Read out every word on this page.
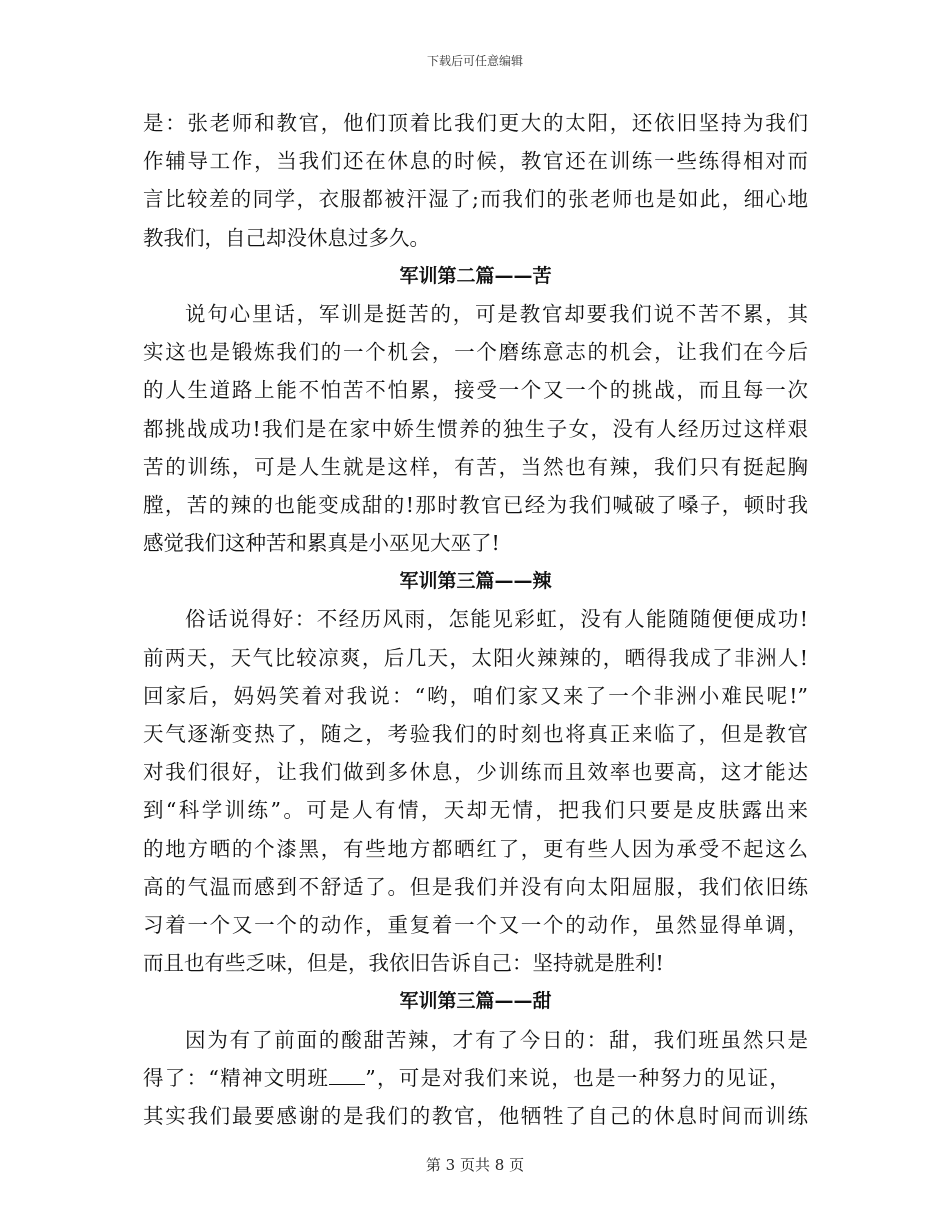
下载后可任意编辑
是：张老师和教官，他们顶着比我们更大的太阳，还依旧坚持为我们
作辅导工作，当我们还在休息的时候，教官还在训练一些练得相对而
言比较差的同学，衣服都被汗湿了;而我们的张老师也是如此，细心地
教我们，自己却没休息过多久。
军训第二篇——苦
说句心里话，军训是挺苦的，可是教官却要我们说不苦不累，其
实这也是锻炼我们的一个机会，一个磨练意志的机会，让我们在今后
的人生道路上能不怕苦不怕累，接受一个又一个的挑战，而且每一次
都挑战成功!我们是在家中娇生惯养的独生子女，没有人经历过这样艰
苦的训练，可是人生就是这样，有苦，当然也有辣，我们只有挺起胸
膛，苦的辣的也能变成甜的!那时教官已经为我们喊破了嗓子，顿时我
感觉我们这种苦和累真是小巫见大巫了!
军训第三篇——辣
俗话说得好：不经历风雨，怎能见彩虹，没有人能随随便便成功!
前两天，天气比较凉爽，后几天，太阳火辣辣的，晒得我成了非洲人!
回家后，妈妈笑着对我说：“哟，咱们家又来了一个非洲小难民呢!”
天气逐渐变热了，随之，考验我们的时刻也将真正来临了，但是教官
对我们很好，让我们做到多休息，少训练而且效率也要高，这才能达
到“科学训练”。可是人有情，天却无情，把我们只要是皮肤露出来
的地方晒的个漆黑，有些地方都晒红了，更有些人因为承受不起这么
高的气温而感到不舒适了。但是我们并没有向太阳屈服，我们依旧练
习着一个又一个的动作，重复着一个又一个的动作，虽然显得单调，
而且也有些乏味，但是，我依旧告诉自己：坚持就是胜利!
军训第三篇——甜
因为有了前面的酸甜苦辣，才有了今日的：甜，我们班虽然只是
得了：“精神文明班 ”，可是对我们来说，也是一种努力的见证，
其实我们最要感谢的是我们的教官，他牺牲了自己的休息时间而训练
第 3 页共 8 页
